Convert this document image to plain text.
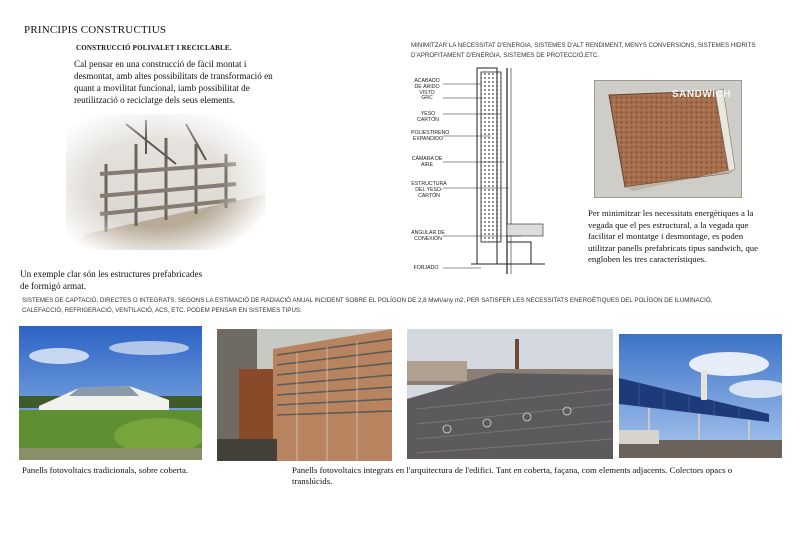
PRINCIPIS CONSTRUCTIUS
CONSTRUCCIÓ POLIVALET I RECICLABLE.
Cal pensar en una construcció de fàcil montat i desmontat, amb altes possibilitats de transformació en quant a movilitat funcional, iamb possibilitat de reutilització o reciclatge dels seus elements.
Un exemple clar són les estructures prefabricades de formigó armat.
MINIMITZAR LA NECESSITAT D'ENERGIA, SISTEMES D'ALT RENDIMENT, MENYS CONVERSIONS, SISTEMES HIDRITS D'APROFITAMENT D'ENERGIA, SISTEMES DE PROTECCIÓ,ETC.
ACABADO DE ÁRIDO VISTO
GRC
YESO CARTÓN
POLIESTIRENO EXPANDIDO
CÁMARA DE AIRE
ESTRUCTURA DEL YESO-CARTÓN
ANGULAR DE CONEXIÓN
FORJADO
SANDWICH
Per minimitzar les necessitats energètiques a la vegada que el pes estructural, a la vegada que facilitar el montatge i desmontage, es poden utilitzar panells prefabricats tipus sandwich, que engloben les tres característiques.
SISTEMES DE CAPTACIÓ, DIRECTES O INTEGRATS. SEGONS LA ESTIMACIÓ DE RADIACIÓ ANUAL INCIDENT SOBRE EL POLÍGON DE 2,8 Mwh/any m2, PER SATISFER LES NECESSITATS ENERGÈTIQUES DEL POLÍGON DE ILUMINACIÓ, CALEFACCIÓ, REFRIGERACIÓ, VENTILACIÓ, ACS, ETC. PODEM PENSAR EN SISTEMES TIPUS:
Panells fotovoltaics tradicionals, sobre coberta.	Panells fotovoltaics integrats en l'arquitectura de l'edifici. Tant en coberta, façana, com elements adjacents. Colectors opacs o translúcids.
